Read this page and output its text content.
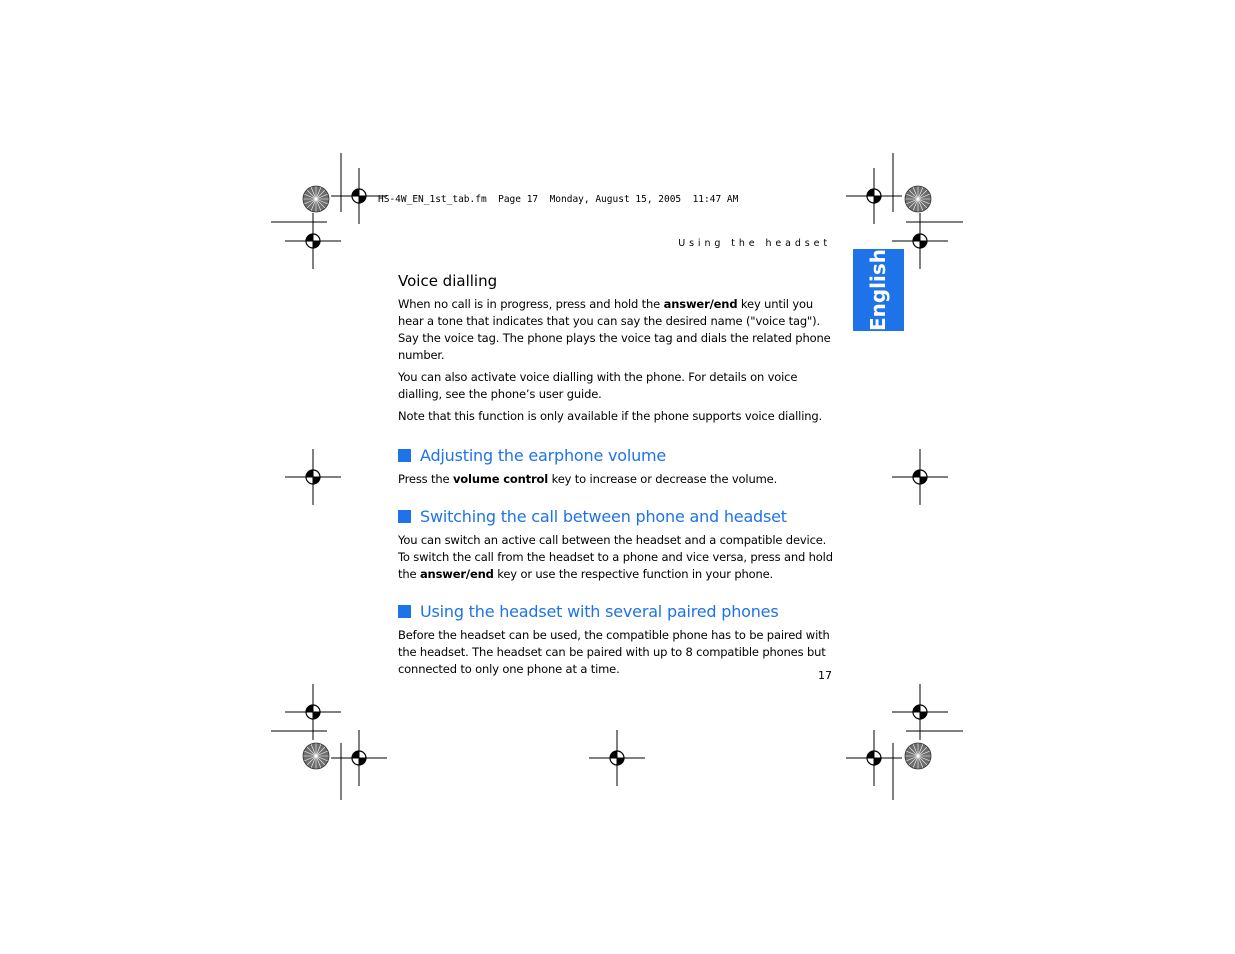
HS-4W_EN_1st_tab.fm  Page 17  Monday, August 15, 2005  11:47 AM
Using the headset
English
Voice dialling

When no call is in progress, press and hold the answer/end key until you hear a tone that indicates that you can say the desired name ("voice tag"). Say the voice tag. The phone plays the voice tag and dials the related phone number.

You can also activate voice dialling with the phone. For details on voice dialling, see the phone’s user guide.

Note that this function is only available if the phone supports voice dialling.

Adjusting the earphone volume

Press the volume control key to increase or decrease the volume.

Switching the call between phone and headset

You can switch an active call between the headset and a compatible device. To switch the call from the headset to a phone and vice versa, press and hold the answer/end key or use the respective function in your phone.

Using the headset with several paired phones

Before the headset can be used, the compatible phone has to be paired with the headset. The headset can be paired with up to 8 compatible phones but connected to only one phone at a time.	17
